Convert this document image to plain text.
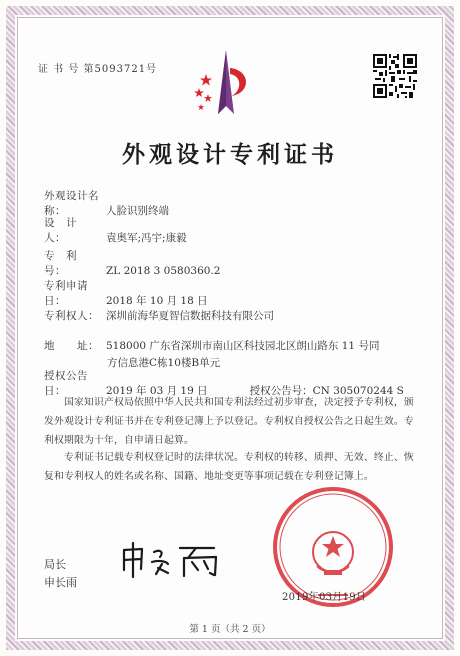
证 书 号 第5093721号
外观设计专利证书
外观设计名称：	人脸识别终端
设　计　人：	袁奥军;冯宇;康毅
专　利　号：	ZL 2018 3 0580360.2
专利申请日：	2018 年 10 月 18 日
专利权人： 深圳前海华夏智信数据科技有限公司
地　　址： 518000 广东省深圳市南山区科技园北区朗山路东 11 号同
方信息港C栋10楼B单元
授权公告日：	2019 年 03 月 19 日　　　　授权公告号：CN 305070244 S
国家知识产权局依照中华人民共和国专利法经过初步审查，决定授予专利权，颁发外观设计专利证书并在专利登记簿上予以登记。专利权自授权公告之日起生效。专利权期限为十年，自申请日起算。
专利证书记载专利权登记时的法律状况。专利权的转移、质押、无效、终止、恢复和专利权人的姓名或名称、国籍、地址变更等事项记载在专利登记簿上。
局长
申长雨
2019年03月19日
第 1 页（共 2 页）
